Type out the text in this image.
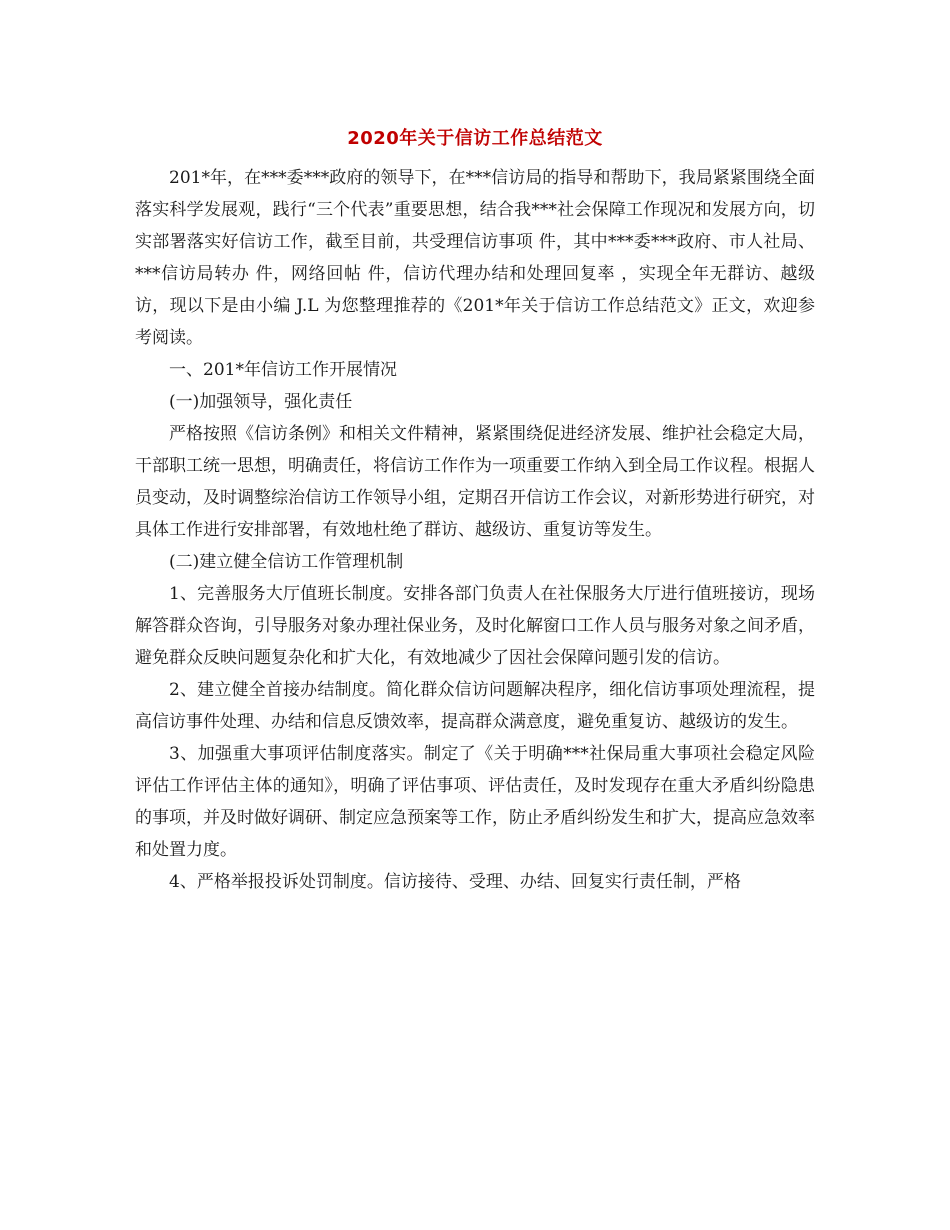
2020年关于信访工作总结范文

201*年，在***委***政府的领导下，在***信访局的指导和帮助下，我局紧紧围绕全面落实科学发展观，践行“三个代表”重要思想，结合我***社会保障工作现况和发展方向，切实部署落实好信访工作，截至目前，共受理信访事项 件，其中***委***政府、市人社局、***信访局转办 件，网络回帖 件，信访代理办结和处理回复率 ，实现全年无群访、越级访，现以下是由小编 J.L 为您整理推荐的《201*年关于信访工作总结范文》正文，欢迎参考阅读。

一、201*年信访工作开展情况

(一)加强领导，强化责任

严格按照《信访条例》和相关文件精神，紧紧围绕促进经济发展、维护社会稳定大局，干部职工统一思想，明确责任，将信访工作作为一项重要工作纳入到全局工作议程。根据人员变动，及时调整综治信访工作领导小组，定期召开信访工作会议，对新形势进行研究，对具体工作进行安排部署，有效地杜绝了群访、越级访、重复访等发生。

(二)建立健全信访工作管理机制

1、完善服务大厅值班长制度。安排各部门负责人在社保服务大厅进行值班接访，现场解答群众咨询，引导服务对象办理社保业务，及时化解窗口工作人员与服务对象之间矛盾，避免群众反映问题复杂化和扩大化，有效地减少了因社会保障问题引发的信访。

2、建立健全首接办结制度。简化群众信访问题解决程序，细化信访事项处理流程，提高信访事件处理、办结和信息反馈效率，提高群众满意度，避免重复访、越级访的发生。

3、加强重大事项评估制度落实。制定了《关于明确***社保局重大事项社会稳定风险评估工作评估主体的通知》，明确了评估事项、评估责任，及时发现存在重大矛盾纠纷隐患的事项，并及时做好调研、制定应急预案等工作，防止矛盾纠纷发生和扩大，提高应急效率和处置力度。

4、严格举报投诉处罚制度。信访接待、受理、办结、回复实行责任制，严格
